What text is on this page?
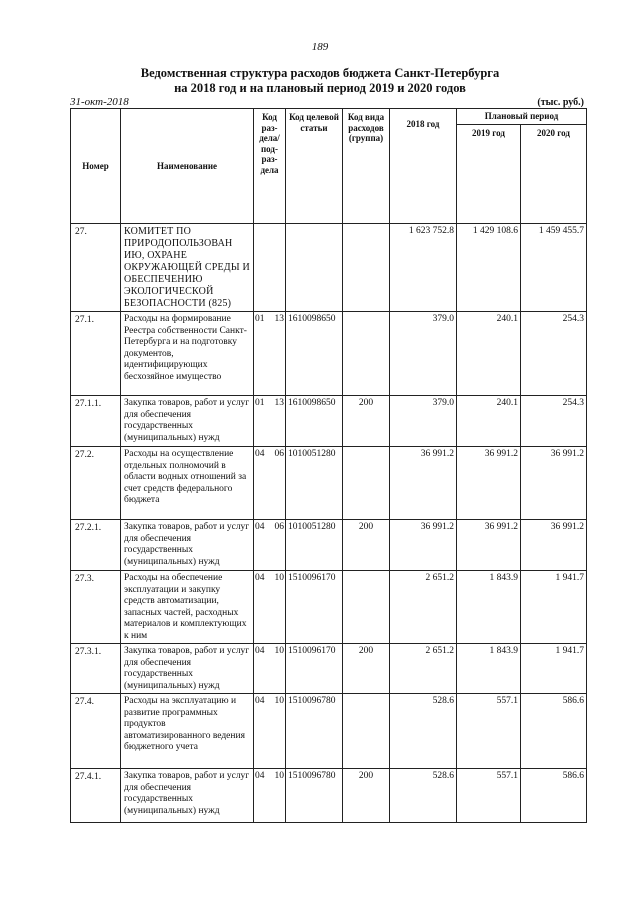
189
Ведомственная структура расходов бюджета Санкт-Петербурга
на 2018 год и на плановый период 2019 и 2020 годов
31-окт-2018	(тыс. руб.)
Номер	Наименование	Код раз- дела/ под- раз- дела	Код целевой статьи	Код вида расходов (группа)	2018 год	Плановый период	
						2019 год	2020 год
27.	КОМИТЕТ ПО ПРИРОДОПОЛЬЗОВАН ИЮ, ОХРАНЕ ОКРУЖАЮЩЕЙ СРЕДЫ И ОБЕСПЕЧЕНИЮ ЭКОЛОГИЧЕСКОЙ БЕЗОПАСНОСТИ (825)				1 623 752.8	1 429 108.6	1 459 455.7
27.1.	Расходы на формирование Реестра собственности Санкт-Петербурга и на подготовку документов, идентифицирующих бесхозяйное имущество	01 13	1610098650		379.0	240.1	254.3
27.1.1.	Закупка товаров, работ и услуг для обеспечения государственных (муниципальных) нужд	01 13	1610098650	200	379.0	240.1	254.3
27.2.	Расходы на осуществление отдельных полномочий в области водных отношений за счет средств федерального бюджета	04 06	1010051280		36 991.2	36 991.2	36 991.2
27.2.1.	Закупка товаров, работ и услуг для обеспечения государственных (муниципальных) нужд	04 06	1010051280	200	36 991.2	36 991.2	36 991.2
27.3.	Расходы на обеспечение эксплуатации и закупку средств автоматизации, запасных частей, расходных материалов и комплектующих к ним	04 10	1510096170		2 651.2	1 843.9	1 941.7
27.3.1.	Закупка товаров, работ и услуг для обеспечения государственных (муниципальных) нужд	04 10	1510096170	200	2 651.2	1 843.9	1 941.7
27.4.	Расходы на эксплуатацию и развитие программных продуктов автоматизированного ведения бюджетного учета	04 10	1510096780		528.6	557.1	586.6
27.4.1.	Закупка товаров, работ и услуг для обеспечения государственных (муниципальных) нужд	04 10	1510096780	200	528.6	557.1	586.6
